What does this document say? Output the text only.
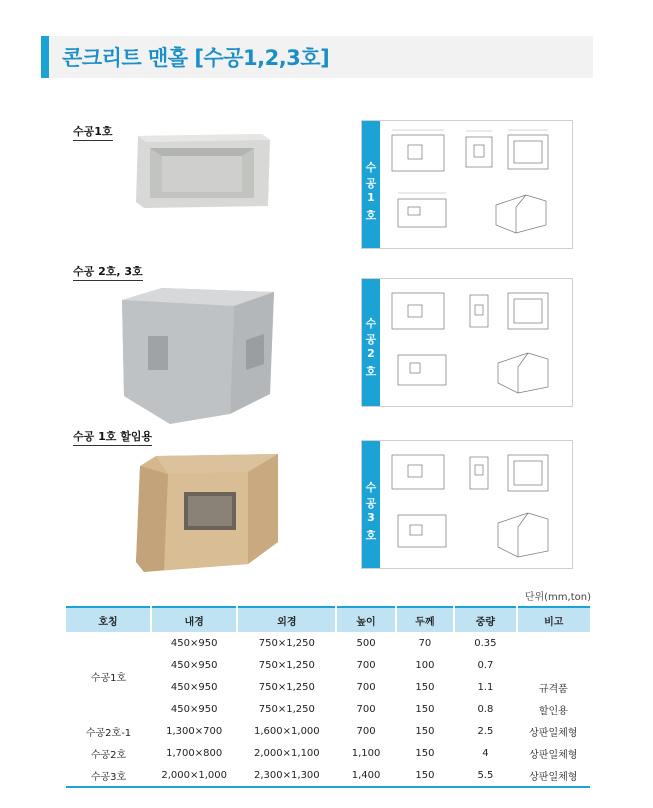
콘크리트 맨홀 [수공1,2,3호]
수공1호
수
공
1
호
수공 2호, 3호
수
공
2
호
수공 1호 할임용
수
공
3
호
단위(mm,ton)
호칭	내경	외경	높이	두께	중량	비고
수공1호	450×950	750×1,250	500	70	0.35	
	450×950	750×1,250	700	100	0.7	
	450×950	750×1,250	700	150	1.1	규격품
	450×950	750×1,250	700	150	0.8	할인용
수공2호-1	1,300×700	1,600×1,000	700	150	2.5	상판일체형
수공2호	1,700×800	2,000×1,100	1,100	150	4	상판일체형
수공3호	2,000×1,000	2,300×1,300	1,400	150	5.5	상판일체형
